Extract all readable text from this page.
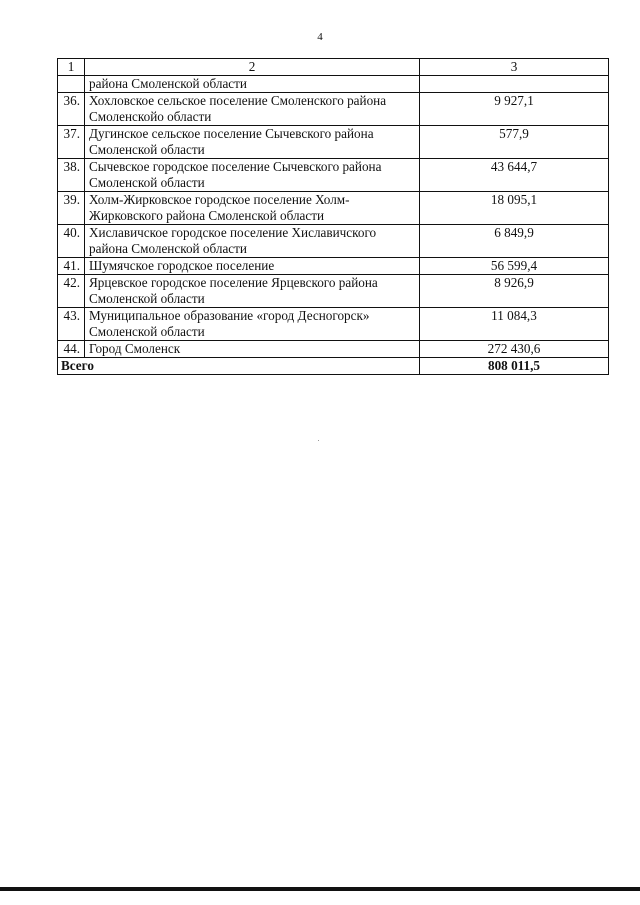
4
1	2	3
	района Смоленской области	
36.	Хохловское сельское поселение Смоленского района Смоленскойо области	9 927,1
37.	Дугинское сельское поселение Сычевского района Смоленской области	577,9
38.	Сычевское городское поселение Сычевского района Смоленской области	43 644,7
39.	Холм-Жирковское городское поселение Холм-Жирковского района Смоленской области	18 095,1
40.	Хиславичское городское поселение Хиславичского района Смоленской области	6 849,9
41.	Шумячское городское поселение	56 599,4
42.	Ярцевское городское поселение Ярцевского района Смоленской области	8 926,9
43.	Муниципальное образование «город Десногорск» Смоленской области	11 084,3
44.	Город Смоленск	272 430,6
Всего		808 011,5
